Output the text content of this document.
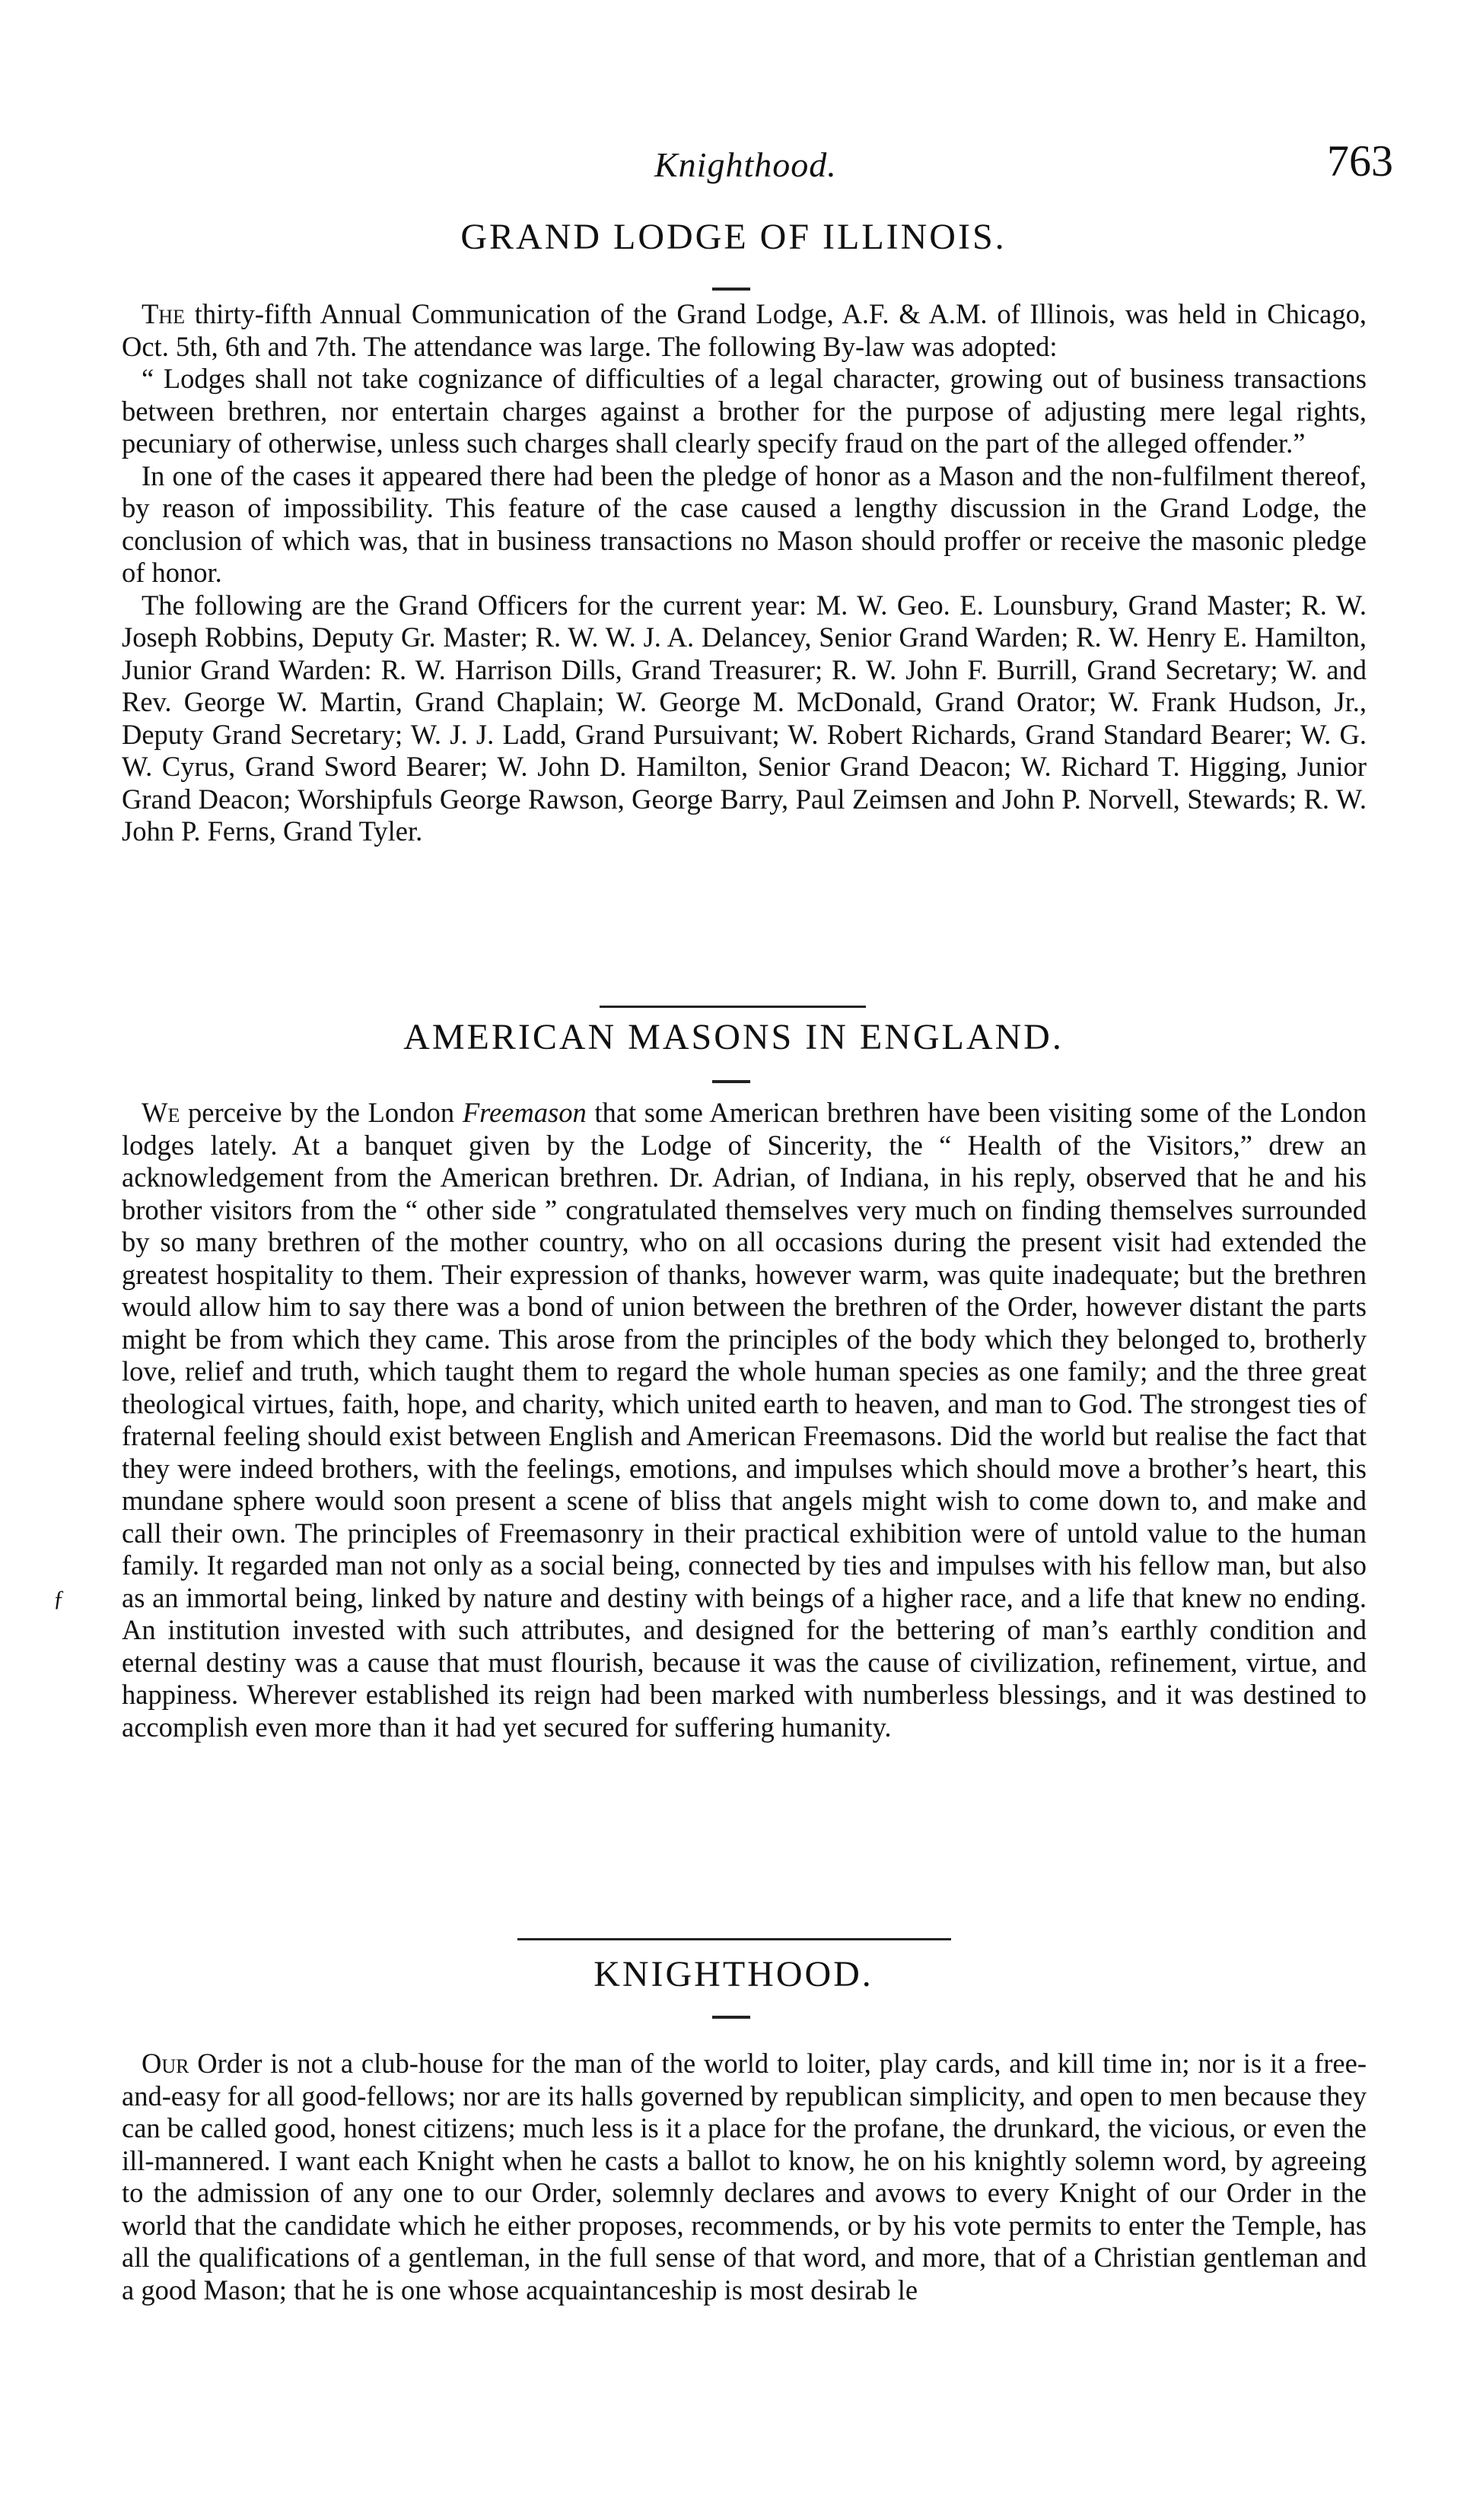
Knighthood.	763
GRAND LODGE OF ILLINOIS.

The thirty-fifth Annual Communication of the Grand Lodge, A.F. & A.M. of Illinois, was held in Chicago, Oct. 5th, 6th and 7th. The attendance was large. The following By-law was adopted:

“ Lodges shall not take cognizance of difficulties of a legal character, growing out of business transactions between brethren, nor entertain charges against a brother for the purpose of adjusting mere legal rights, pecuniary of otherwise, unless such charges shall clearly specify fraud on the part of the alleged offender.”

In one of the cases it appeared there had been the pledge of honor as a Mason and the non-fulfilment thereof, by reason of impossibility. This feature of the case caused a lengthy discussion in the Grand Lodge, the conclusion of which was, that in business transactions no Mason should proffer or receive the masonic pledge of honor.

The following are the Grand Officers for the current year: M. W. Geo. E. Lounsbury, Grand Master; R. W. Joseph Robbins, Deputy Gr. Master; R. W. W. J. A. Delancey, Senior Grand Warden; R. W. Henry E. Hamilton, Junior Grand Warden: R. W. Harrison Dills, Grand Treasurer; R. W. John F. Burrill, Grand Secretary; W. and Rev. George W. Martin, Grand Chaplain; W. George M. McDonald, Grand Orator; W. Frank Hudson, Jr., Deputy Grand Secretary; W. J. J. Ladd, Grand Pursuivant; W. Robert Richards, Grand Standard Bearer; W. G. W. Cyrus, Grand Sword Bearer; W. John D. Hamilton, Senior Grand Deacon; W. Richard T. Higging, Junior Grand Deacon; Worshipfuls George Rawson, George Barry, Paul Zeimsen and John P. Norvell, Stewards; R. W. John P. Ferns, Grand Tyler.

AMERICAN MASONS IN ENGLAND.

We perceive by the London Freemason that some American brethren have been visiting some of the London lodges lately. At a banquet given by the Lodge of Sincerity, the “ Health of the Visitors,” drew an acknowledgement from the American brethren. Dr. Adrian, of Indiana, in his reply, observed that he and his brother visitors from the “ other side ” congratulated themselves very much on finding themselves surrounded by so many brethren of the mother country, who on all occasions during the present visit had extended the greatest hospitality to them. Their expression of thanks, however warm, was quite inadequate; but the brethren would allow him to say there was a bond of union between the brethren of the Order, however distant the parts might be from which they came. This arose from the principles of the body which they belonged to, brotherly love, relief and truth, which taught them to regard the whole human species as one family; and the three great theological virtues, faith, hope, and charity, which united earth to heaven, and man to God. The strongest ties of fraternal feeling should exist between English and American Freemasons. Did the world but realise the fact that they were indeed brothers, with the feelings, emotions, and impulses which should move a brother’s heart, this mundane sphere would soon present a scene of bliss that angels might wish to come down to, and make and call their own. The principles of Freemasonry in their practical exhibition were of untold value to the human family. It regarded man not only as a social being, connected by ties and impulses with his fellow man, but also as an immortal being, linked by nature and destiny with beings of a higher race, and a life that knew no ending. An institution invested with such attributes, and designed for the bettering of man’s earthly condition and eternal destiny was a cause that must flourish, because it was the cause of civilization, refinement, virtue, and happiness. Wherever established its reign had been marked with numberless blessings, and it was destined to accomplish even more than it had yet secured for suffering humanity.

ƒ
KNIGHTHOOD.

Our Order is not a club-house for the man of the world to loiter, play cards, and kill time in; nor is it a free-and-easy for all good-fellows; nor are its halls governed by republican simplicity, and open to men because they can be called good, honest citizens; much less is it a place for the profane, the drunkard, the vicious, or even the ill-mannered. I want each Knight when he casts a ballot to know, he on his knightly solemn word, by agreeing to the admission of any one to our Order, solemnly declares and avows to every Knight of our Order in the world that the candidate which he either proposes, recommends, or by his vote permits to enter the Temple, has all the qualifications of a gentleman, in the full sense of that word, and more, that of a Christian gentleman and a good Mason; that he is one whose acquaintanceship is most desirab le
